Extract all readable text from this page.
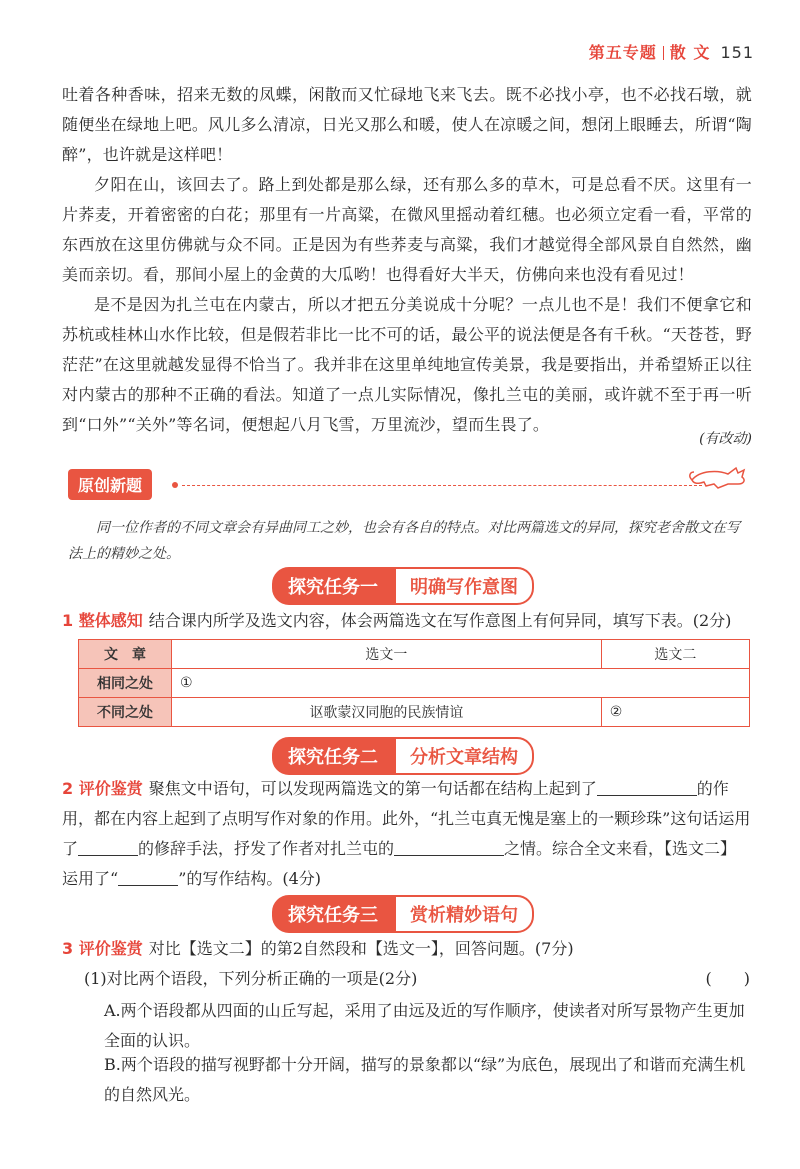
第五专题 散 文 151

吐着各种香味，招来无数的凤蝶，闲散而又忙碌地飞来飞去。既不必找小亭，也不必找石墩，就随便坐在绿地上吧。风儿多么清凉，日光又那么和暖，使人在凉暖之间，想闭上眼睡去，所谓“陶醉”，也许就是这样吧！

夕阳在山，该回去了。路上到处都是那么绿，还有那么多的草木，可是总看不厌。这里有一片荞麦，开着密密的白花；那里有一片高粱，在微风里摇动着红穗。也必须立定看一看，平常的东西放在这里仿佛就与众不同。正是因为有些荞麦与高粱，我们才越觉得全部风景自自然然，幽美而亲切。看，那间小屋上的金黄的大瓜哟！也得看好大半天，仿佛向来也没有看见过！

是不是因为扎兰屯在内蒙古，所以才把五分美说成十分呢？一点儿也不是！我们不便拿它和苏杭或桂林山水作比较，但是假若非比一比不可的话，最公平的说法便是各有千秋。“天苍苍，野茫茫”在这里就越发显得不恰当了。我并非在这里单纯地宣传美景，我是要指出，并希望矫正以往对内蒙古的那种不正确的看法。知道了一点儿实际情况，像扎兰屯的美丽，或许就不至于再一听到“口外”“关外”等名词，便想起八月飞雪，万里流沙，望而生畏了。

(有改动)
原创新题

同一位作者的不同文章会有异曲同工之妙，也会有各自的特点。对比两篇选文的异同，探究老舍散文在写法上的精妙之处。

探究任务一	明确写作意图

1 整体感知 结合课内所学及选文内容，体会两篇选文在写作意图上有何异同，填写下表。(2分)

文　章	选文一	选文二
相同之处	①	
不同之处	讴歌蒙汉同胞的民族情谊	②
探究任务二	分析文章结构

2 评价鉴赏 聚焦文中语句，可以发现两篇选文的第一句话都在结构上起到了	的作用，都在内容上起到了点明写作对象的作用。此外，“扎兰屯真无愧是塞上的一颗珍珠”这句话运用了	的修辞手法，抒发了作者对扎兰屯的	之情。综合全文来看，【选文二】运用了“	”的写作结构。(4分)

探究任务三	赏析精妙语句

3 评价鉴赏 对比【选文二】的第2自然段和【选文一】，回答问题。(7分)

(1)对比两个语段，下列分析正确的一项是(2分)	(　　)

A.两个语段都从四面的山丘写起，采用了由远及近的写作顺序，使读者对所写景物产生更加全面的认识。

B.两个语段的描写视野都十分开阔，描写的景象都以“绿”为底色，展现出了和谐而充满生机的自然风光。
